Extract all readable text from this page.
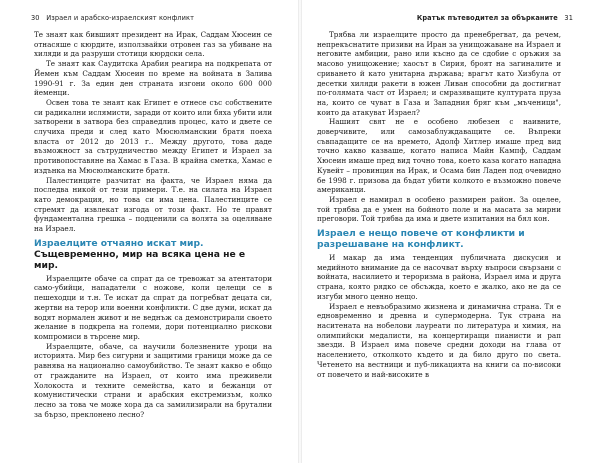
30 Израел и арабско-израелският конфликт

Те знаят как бившият президент на Ирак, Саддам Хюсеин се отнасяше с кюрдите, използвайки отровен газ за убиване на хиляди и да разруши стотици кюрдски села.

Те знаят как Саудитска Арабия реагира на подкрепата от Йемен към Саддам Хюсеин по време на войната в Залива 1990-91 г. За един ден страната изгони около 600 000 йеменци.

Освен това те знаят как Египет е отнесе със собствените си радикални ислямисти, заради от които или бяха убити или затворени в затвора без справедлив процес, като и двете се случиха преди и след като Мюсюлманскии братя поеха власта от 2012 до 2013 г.. Между другото, това даде възможност за сътрудничество между Египет и Израел за противопоставяне на Хамас в Газа. В крайна сметка, Хамас е издънка на Мюсюлманските братя.

Палестинците разчитат на факта, че Израел няма да последва никой от тези примери. Т.е. на силата на Израел като демокрация, но това си има цена. Палестинците се стремят да извлекат изгода от този факт. Но те правят фундаментална грешка – подценили са волята за оцеляване на Израел.

Израелците отчаяно искат мир.
Същевременно, мир на всяка цена не е мир.

Израелците обаче са спрат да се тревожат за атентатори само-убийци, нападатели с ножове, коли целещи се в пешеходци и т.н. Те искат да спрат да погребват децата си, жертви на терор или военни конфликти. С две думи, искат да водят нормален живот и не веднъж са демонстрирали своето желание в подкрепа на големи, дори потенциално рискови компромиси в търсене мир.

Израелците, обаче, са научили болезнените уроци на историята. Мир без сигурни и защитими граници може да се равнява на национално самоубийство. Те знаят какво е общо от гражданите на Израел, от които има преживели Холокоста и техните семейства, като и бежанци от комунистически страни и арабския екстремизъм, колко лесно за това че може хора да са замилизирали на брутални за бързо, преклонено лесно?

Кратък пътеводител за обърканите 31

Трябва ли израелците просто да пренебрегват, да речем, непрекъснатите призиви на Иран за унищожаване на Израел и неговите амбиции, рано или късно да се сдобие с оръжия за масово унищожение; хаосът в Сирия, броят на загиналите и сриването й като унитарна държава; врагът като Хизбула от десетки хиляди ракети в южен Ливан способни да достигнат по-голямата част от Израел; и смразяващите културата пруза на, които се чуват в Газа и Западния бряг към „мъченици", които да атакуват Израел?

Нашият свят не е особено любезен с наивните, доверчивите, или самозаблуждаващите се. Въпреки съвпадащите се на времето, Адолф Хитлер имаше пред вид точно какво казваше, когато написа Майн Кампф, Саддам Хюсеин имаше пред вид точно това, което каза когато нападна Кувейт – провинция на Ирак, и Осама бин Ладен под очевидно бе 1998 г. призова да бъдат убити колкото е възможно повече американци.

Израел е намирал в особено размирен район. За оцелее, той трябва да е умен на бойното поле и на масата за мирни преговори. Той трябва да има и двете изпитания на бял кон.

Израел е нещо повече от конфликти и разрешаване на конфликт.

И макар да има тенденция публичната дискусия и медийното внимание да се насочват върху въпроси свързани с войната, насилието и тероризма в района, Израел има и друга страна, която рядко се обсъжда, което е жалко, ако не да се изгуби много ценно нещо.

Израел е невъобразимо жизнена и динамична страна. Тя е едновременно и древна и супермодерна. Тук страна на наситената на нобелови лауреати по литература и химия, на олимпийски медалисти, на концертиращи пианисти и рап звезди. В Израел има повече средни доходи на глава от населението, отколкото където и да било друго по света. Четенето на вестници и пуб-ликацията на книги са по-високи от повечето и най-високите в
